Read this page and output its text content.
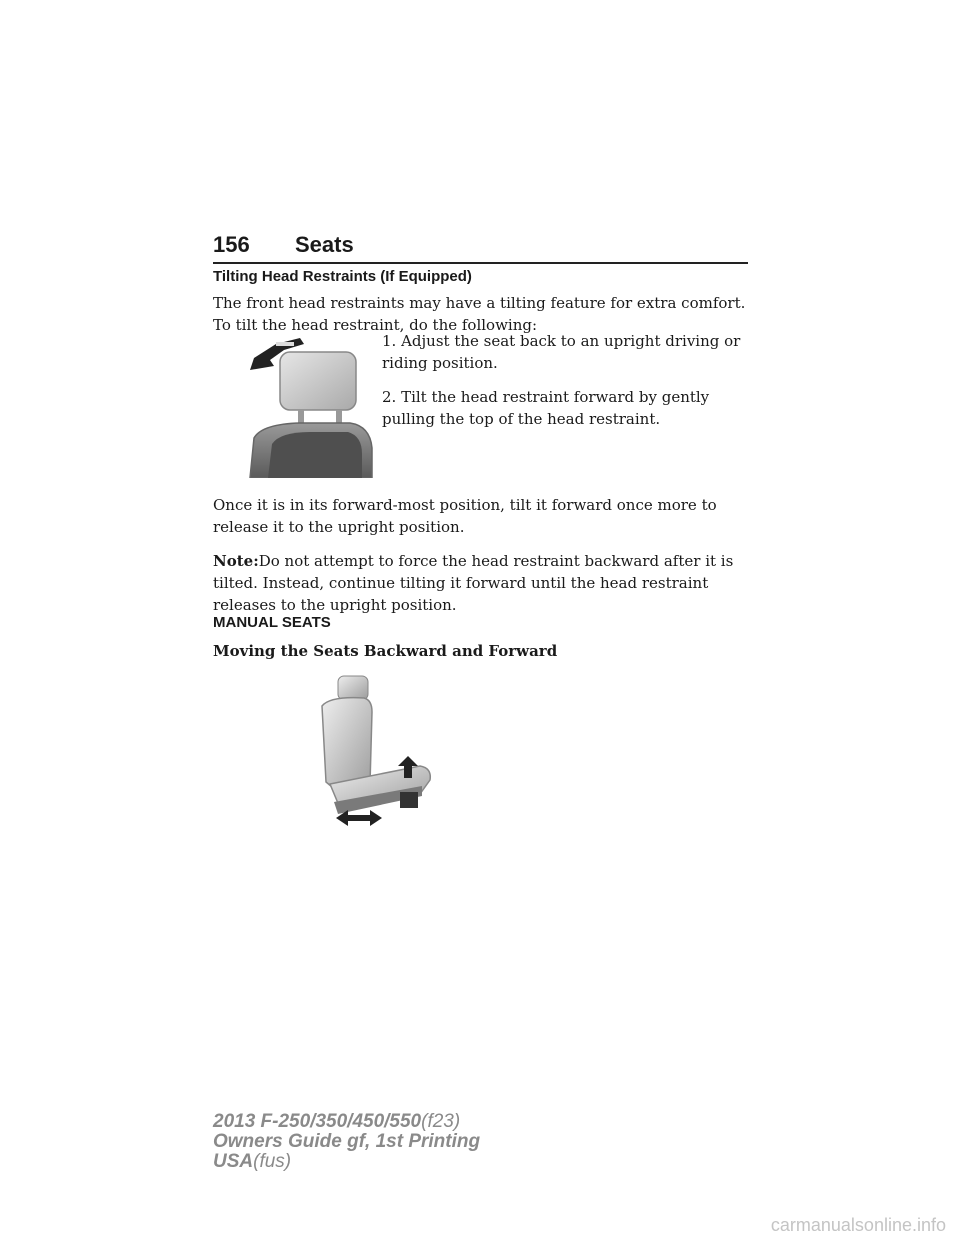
156 Seats
Tilting Head Restraints (If Equipped)
The front head restraints may have a tilting feature for extra comfort. To tilt the head restraint, do the following:
1. Adjust the seat back to an upright driving or riding position.
2. Tilt the head restraint forward by gently pulling the top of the head restraint.
Once it is in its forward-most position, tilt it forward once more to release it to the upright position.
Note:Do not attempt to force the head restraint backward after it is tilted. Instead, continue tilting it forward until the head restraint releases to the upright position.
MANUAL SEATS
Moving the Seats Backward and Forward
2013 F-250/350/450/550(f23)
Owners Guide gf, 1st Printing
USA(fus)
carmanualsonline.info
